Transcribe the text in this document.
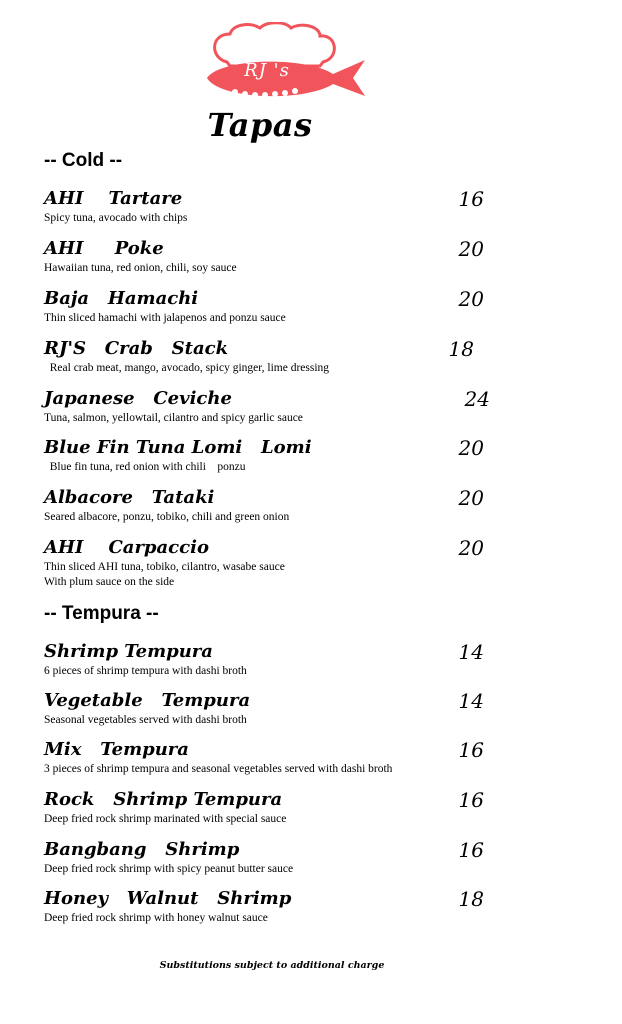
RJ 's
Tapas
-- Cold --
AHI    Tartare	16
Spicy tuna, avocado with chips
AHI     Poke	20
Hawaiian tuna, red onion, chili, soy sauce
Baja   Hamachi	20
Thin sliced hamachi with jalapenos and ponzu sauce
RJ'S   Crab   Stack	18
Real crab meat, mango, avocado, spicy ginger, lime dressing
Japanese   Ceviche	24
Tuna, salmon, yellowtail, cilantro and spicy garlic sauce
Blue Fin Tuna Lomi   Lomi	20
Blue fin tuna, red onion with chili    ponzu
Albacore   Tataki	20
Seared albacore, ponzu, tobiko, chili and green onion
AHI    Carpaccio	20
Thin sliced AHI tuna, tobiko, cilantro, wasabe sauce
With plum sauce on the side
-- Tempura --
Shrimp Tempura	14
6 pieces of shrimp tempura with dashi broth
Vegetable   Tempura	14
Seasonal vegetables served with dashi broth
Mix   Tempura	16
3 pieces of shrimp tempura and seasonal vegetables served with dashi broth
Rock   Shrimp Tempura	16
Deep fried rock shrimp marinated with special sauce
Bangbang   Shrimp	16
Deep fried rock shrimp with spicy peanut butter sauce
Honey   Walnut   Shrimp	18
Deep fried rock shrimp with honey walnut sauce
Substitutions subject to additional charge
